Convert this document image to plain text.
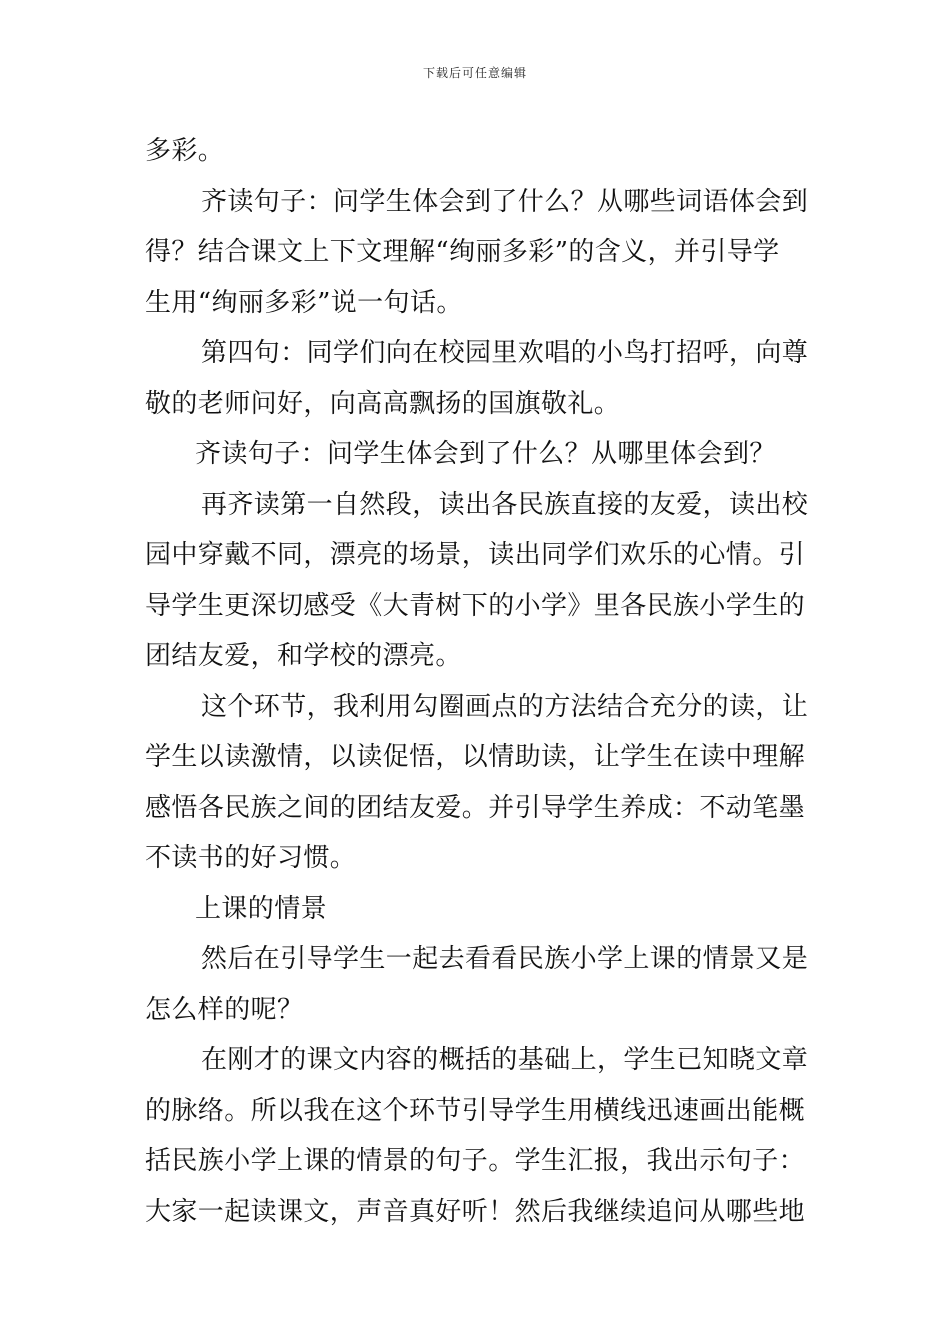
下载后可任意编辑
多彩。
齐读句子：问学生体会到了什么？从哪些词语体会到
得？结合课文上下文理解“绚丽多彩”的含义，并引导学
生用“绚丽多彩”说一句话。
第四句：同学们向在校园里欢唱的小鸟打招呼，向尊
敬的老师问好，向高高飘扬的国旗敬礼。
齐读句子：问学生体会到了什么？从哪里体会到？
再齐读第一自然段，读出各民族直接的友爱，读出校
园中穿戴不同，漂亮的场景，读出同学们欢乐的心情。引
导学生更深切感受《大青树下的小学》里各民族小学生的
团结友爱，和学校的漂亮。
这个环节，我利用勾圈画点的方法结合充分的读，让
学生以读激情，以读促悟，以情助读，让学生在读中理解
感悟各民族之间的团结友爱。并引导学生养成：不动笔墨
不读书的好习惯。
上课的情景
然后在引导学生一起去看看民族小学上课的情景又是
怎么样的呢？
在刚才的课文内容的概括的基础上，学生已知晓文章
的脉络。所以我在这个环节引导学生用横线迅速画出能概
括民族小学上课的情景的句子。学生汇报，我出示句子：
大家一起读课文，声音真好听！然后我继续追问从哪些地
